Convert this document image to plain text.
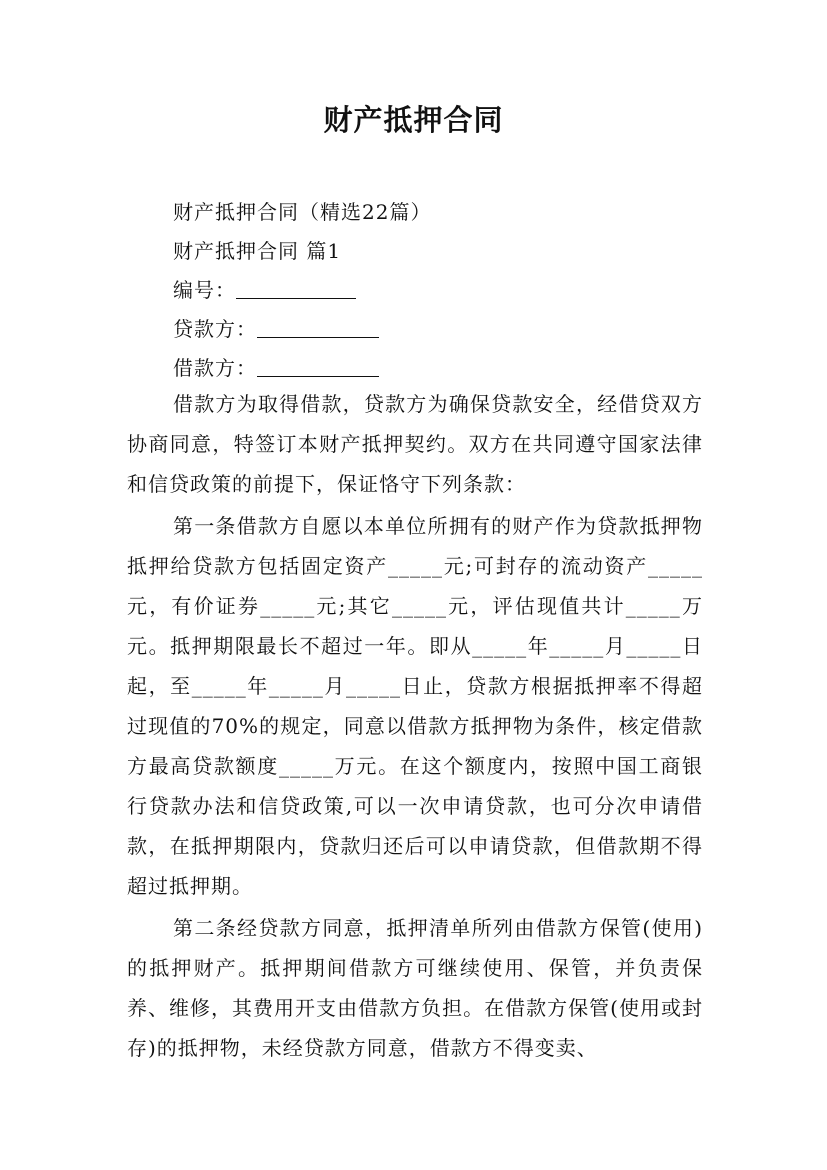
财产抵押合同
财产抵押合同（精选22篇）
财产抵押合同 篇1
编号：
贷款方：
借款方：

借款方为取得借款，贷款方为确保贷款安全，经借贷双方协商同意，特签订本财产抵押契约。双方在共同遵守国家法律和信贷政策的前提下，保证恪守下列条款：

第一条借款方自愿以本单位所拥有的财产作为贷款抵押物抵押给贷款方包括固定资产_____元;可封存的流动资产_____元，有价证券_____元;其它_____元，评估现值共计_____万元。抵押期限最长不超过一年。即从_____年_____月_____日起，至_____年_____月_____日止，贷款方根据抵押率不得超过现值的70%的规定，同意以借款方抵押物为条件，核定借款方最高贷款额度_____万元。在这个额度内，按照中国工商银行贷款办法和信贷政策,可以一次申请贷款，也可分次申请借款，在抵押期限内，贷款归还后可以申请贷款，但借款期不得超过抵押期。

第二条经贷款方同意，抵押清单所列由借款方保管(使用)的抵押财产。抵押期间借款方可继续使用、保管，并负责保养、维修，其费用开支由借款方负担。在借款方保管(使用或封存)的抵押物，未经贷款方同意，借款方不得变卖、
